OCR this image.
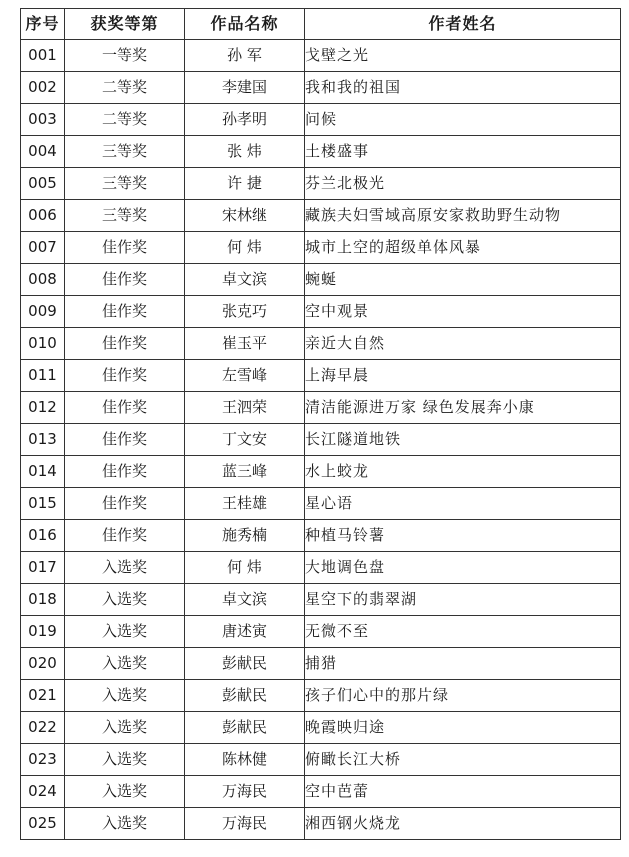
序号	获奖等第	作品名称	作者姓名
001	一等奖	孙 军	戈壁之光
002	二等奖	李建国	我和我的祖国
003	二等奖	孙孝明	问候
004	三等奖	张 炜	土楼盛事
005	三等奖	许 捷	芬兰北极光
006	三等奖	宋林继	藏族夫妇雪域高原安家救助野生动物
007	佳作奖	何 炜	城市上空的超级单体风暴
008	佳作奖	卓文滨	蜿蜒
009	佳作奖	张克巧	空中观景
010	佳作奖	崔玉平	亲近大自然
011	佳作奖	左雪峰	上海早晨
012	佳作奖	王泗荣	清洁能源进万家 绿色发展奔小康
013	佳作奖	丁文安	长江隧道地铁
014	佳作奖	蓝三峰	水上蛟龙
015	佳作奖	王桂雄	星心语
016	佳作奖	施秀楠	种植马铃薯
017	入选奖	何 炜	大地调色盘
018	入选奖	卓文滨	星空下的翡翠湖
019	入选奖	唐述寅	无微不至
020	入选奖	彭献民	捕猎
021	入选奖	彭献民	孩子们心中的那片绿
022	入选奖	彭献民	晚霞映归途
023	入选奖	陈林健	俯瞰长江大桥
024	入选奖	万海民	空中芭蕾
025	入选奖	万海民	湘西钢火烧龙
